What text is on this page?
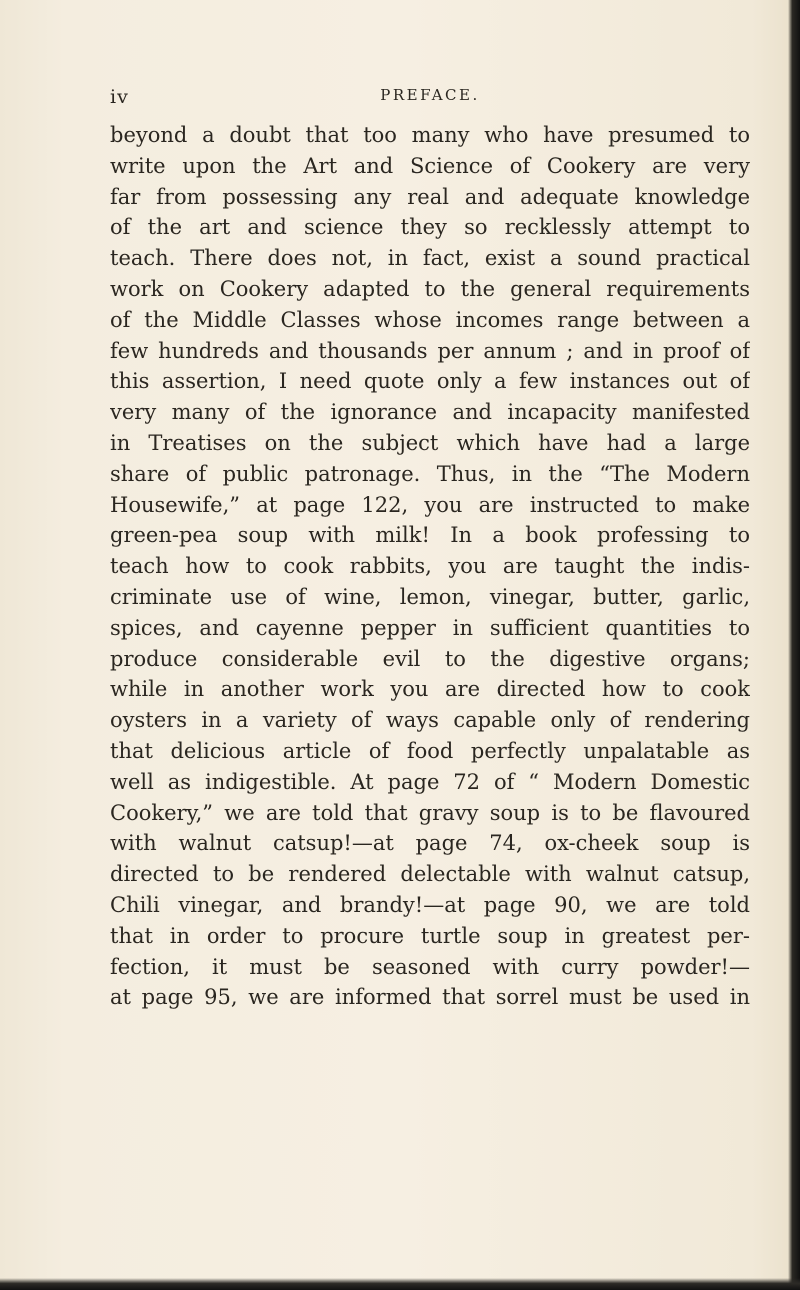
iv	PREFACE.
beyond a doubt that too many who have presumed to
write upon the Art and Science of Cookery are very
far from possessing any real and adequate knowledge
of the art and science they so recklessly attempt to
teach. There does not, in fact, exist a sound practical
work on Cookery adapted to the general requirements
of the Middle Classes whose incomes range between a
few hundreds and thousands per annum ; and in proof of
this assertion, I need quote only a few instances out of
very many of the ignorance and incapacity manifested
in Treatises on the subject which have had a large
share of public patronage. Thus, in the “The Modern
Housewife,” at page 122, you are instructed to make
green-pea soup with milk! In a book professing to
teach how to cook rabbits, you are taught the indis-
criminate use of wine, lemon, vinegar, butter, garlic,
spices, and cayenne pepper in sufficient quantities to
produce considerable evil to the digestive organs;
while in another work you are directed how to cook
oysters in a variety of ways capable only of rendering
that delicious article of food perfectly unpalatable as
well as indigestible. At page 72 of “ Modern Domestic
Cookery,” we are told that gravy soup is to be flavoured
with walnut catsup!—at page 74, ox-cheek soup is
directed to be rendered delectable with walnut catsup,
Chili vinegar, and brandy!—at page 90, we are told
that in order to procure turtle soup in greatest per-
fection, it must be seasoned with curry powder!—
at page 95, we are informed that sorrel must be used in
